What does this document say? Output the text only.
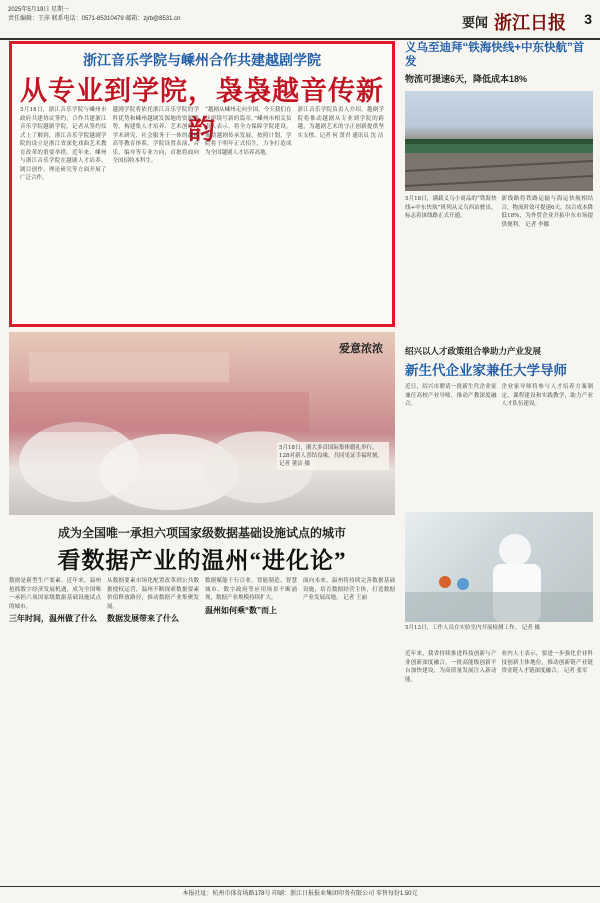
2025年5月19日 星期一
责任编辑：王萍 联系电话：0571-85310479 邮箱：zjrb@8531.cn	要闻 浙江日报 3
浙江音乐学院与嵊州合作共建越剧学院
从专业到学院，袅袅越音传新韵
5月18日，浙江音乐学院与嵊州市政府共建协议签约，合作共建浙江音乐学院越剧学院。记者从签约仪式上了解到，浙江音乐学院越剧学院的设立是浙江省深化戏曲艺术教育改革的重要举措。近年来，嵊州与浙江音乐学院在越剧人才培养、剧目创作、理论研究等方面开展了广泛合作。
越剧学院将依托浙江音乐学院的学科优势和嵊州越剧发源地的资源优势，构建集人才培养、艺术创作、学术研究、社会服务于一体的越剧高等教育体系。学院设置表演、音乐、编导等专业方向，首批将面向全国招收本科生。
“越剧从嵊州走向全国，今天我们在这里续写新的篇章。”嵊州市相关负责人表示，将全力保障学院建设，推动越剧传承发展。按照计划，学院将于明年正式招生，力争打造成为全国越剧人才培养高地。
浙江音乐学院负责人介绍，越剧学院将推动越剧从专业到学院的跨越，为越剧艺术的守正创新提供坚实支撑。记者 何 贤君 通讯员 沈 洁
爱意浓浓
5月18日，浙大多首国际集体婚礼举行。128对新人喜结良缘，共同见证幸福时刻。 记者 董洁 摄
成为全国唯一承担六项国家级数据基础设施试点的城市
看数据产业的温州“进化论”
数据是新型生产要素。近年来，温州抢抓数字经济发展机遇，成为全国唯一承担六项国家级数据基础设施试点的城市。
三年时间，温州做了什么
从数据要素市场化配置改革到公共数据授权运营，温州不断探索数据要素价值释放路径，推动数据产业集聚发展。
数据发展带来了什么
数据赋能千行百业，智能制造、智慧城市、数字政府等应用场景不断涌现，数据产业规模持续扩大。
温州如何乘“数”而上
面向未来，温州将持续完善数据基础设施，培育数据经营主体，打造数据产业发展高地。 记者 王丽
义乌至迪拜“铁海快线+中东快航”首发
物流可提速6天，降低成本18%
5月18日，满载义乌小商品的“铁海快线+中东快航”班列从义乌西站驶出，标志着该线路正式开通。
新线路将铁路运输与海运快航相结合，物流时效可提速6天，综合成本降低18%，为外贸企业开拓中东市场提供便利。 记者 李娜
绍兴以人才政策组合拳助力产业发展
新生代企业家兼任大学导师
近日，绍兴市聘请一批新生代企业家兼任高校产业导师，推动产教深度融合。
企业家导师将参与人才培养方案制定、课程建设和实践教学，助力产业人才队伍建设。
5月13日，工作人员在实验室内开展检测工作。 记者 摄
近年来，我省持续推进科技创新与产业创新深度融合，一批高能级创新平台加快建设，为高质量发展注入新动能。
业内人士表示，要进一步强化企业科技创新主体地位，推动创新链产业链资金链人才链深度融合。 记者 张军
本报社址：杭州市体育场路178号 印刷：浙江日报报业集团印务有限公司 零售每份1.50元
